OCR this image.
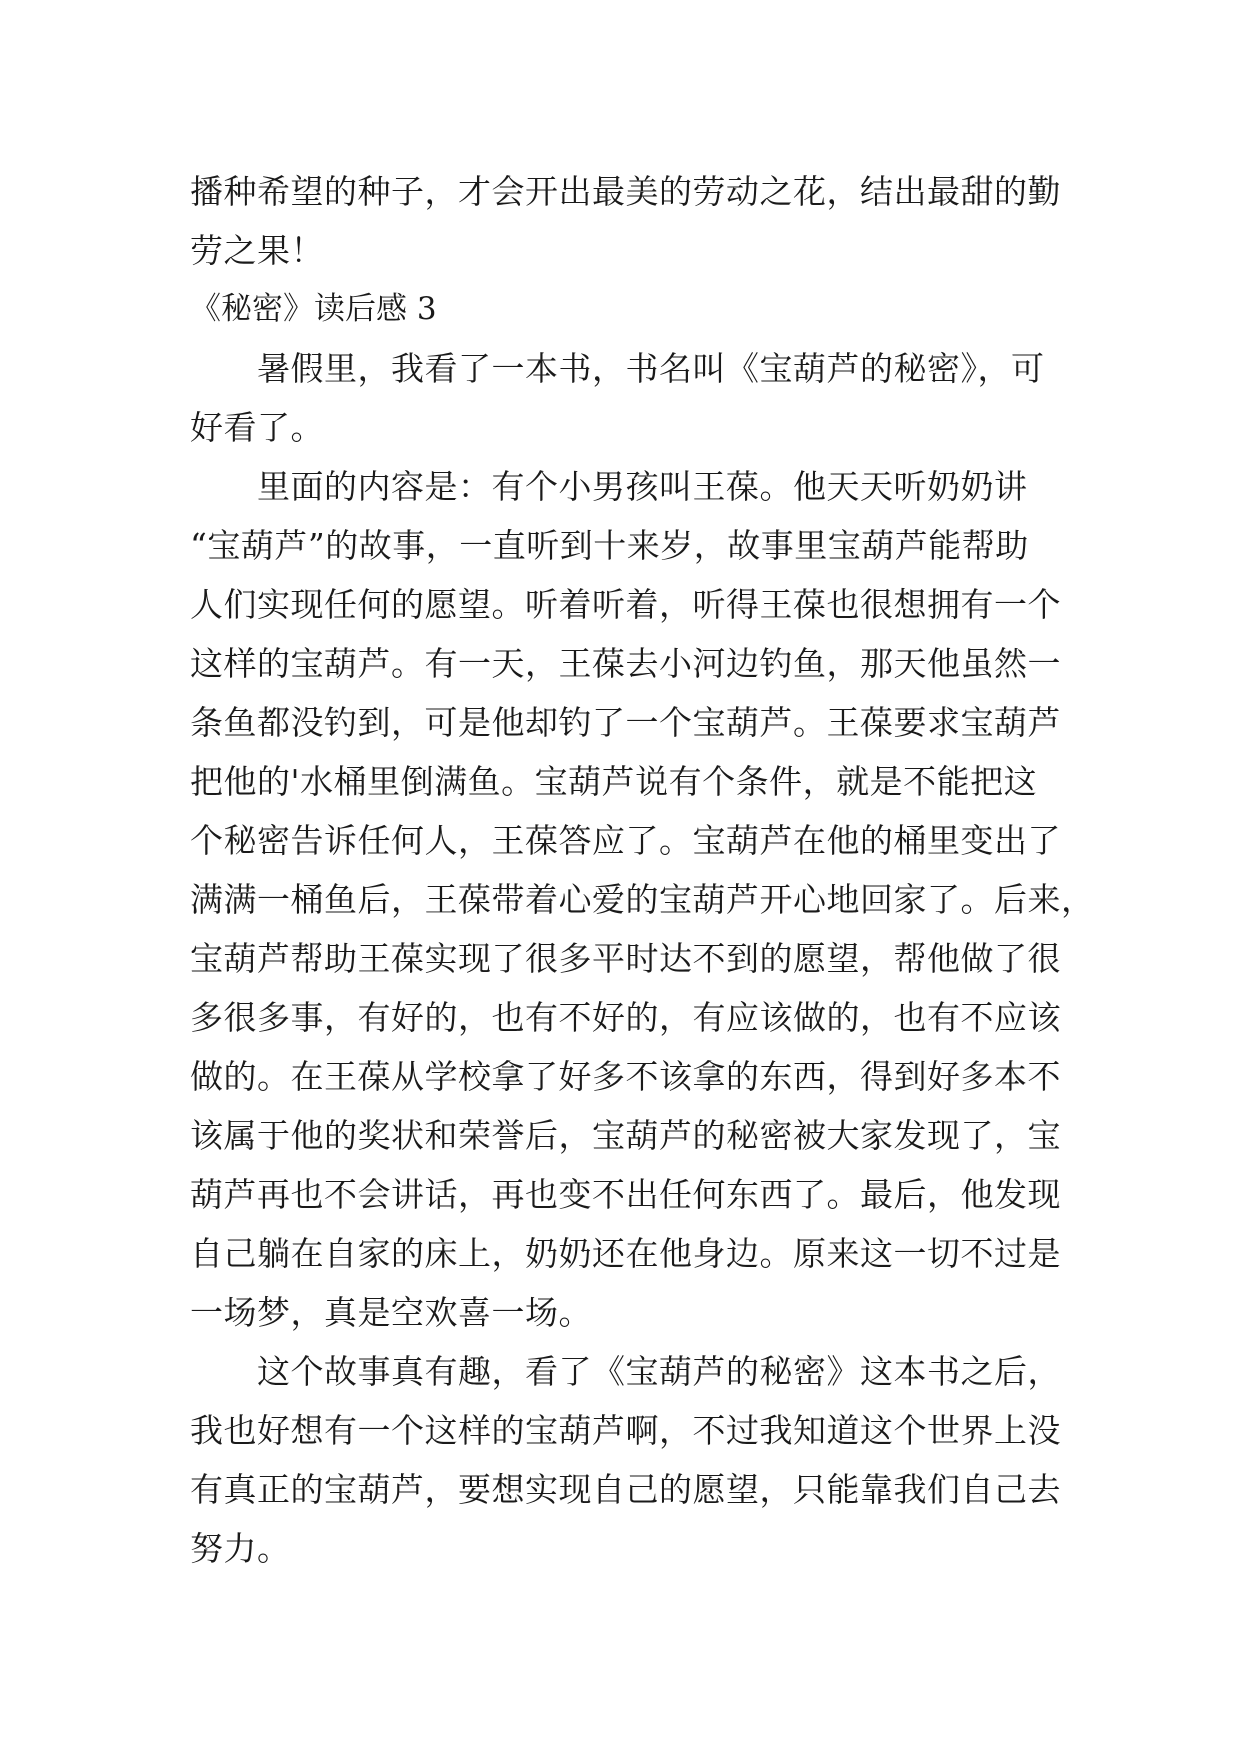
播种希望的种子，才会开出最美的劳动之花，结出最甜的勤
劳之果！
《秘密》读后感 3
　　暑假里，我看了一本书，书名叫《宝葫芦的秘密》，可
好看了。
　　里面的内容是：有个小男孩叫王葆。他天天听奶奶讲
“宝葫芦”的故事，一直听到十来岁，故事里宝葫芦能帮助
人们实现任何的愿望。听着听着，听得王葆也很想拥有一个
这样的宝葫芦。有一天，王葆去小河边钓鱼，那天他虽然一
条鱼都没钓到，可是他却钓了一个宝葫芦。王葆要求宝葫芦
把他的'水桶里倒满鱼。宝葫芦说有个条件，就是不能把这
个秘密告诉任何人，王葆答应了。宝葫芦在他的桶里变出了
满满一桶鱼后，王葆带着心爱的宝葫芦开心地回家了。后来，
宝葫芦帮助王葆实现了很多平时达不到的愿望，帮他做了很
多很多事，有好的，也有不好的，有应该做的，也有不应该
做的。在王葆从学校拿了好多不该拿的东西，得到好多本不
该属于他的奖状和荣誉后，宝葫芦的秘密被大家发现了，宝
葫芦再也不会讲话，再也变不出任何东西了。最后，他发现
自己躺在自家的床上，奶奶还在他身边。原来这一切不过是
一场梦，真是空欢喜一场。
　　这个故事真有趣，看了《宝葫芦的秘密》这本书之后，
我也好想有一个这样的宝葫芦啊，不过我知道这个世界上没
有真正的宝葫芦，要想实现自己的愿望，只能靠我们自己去
努力。
